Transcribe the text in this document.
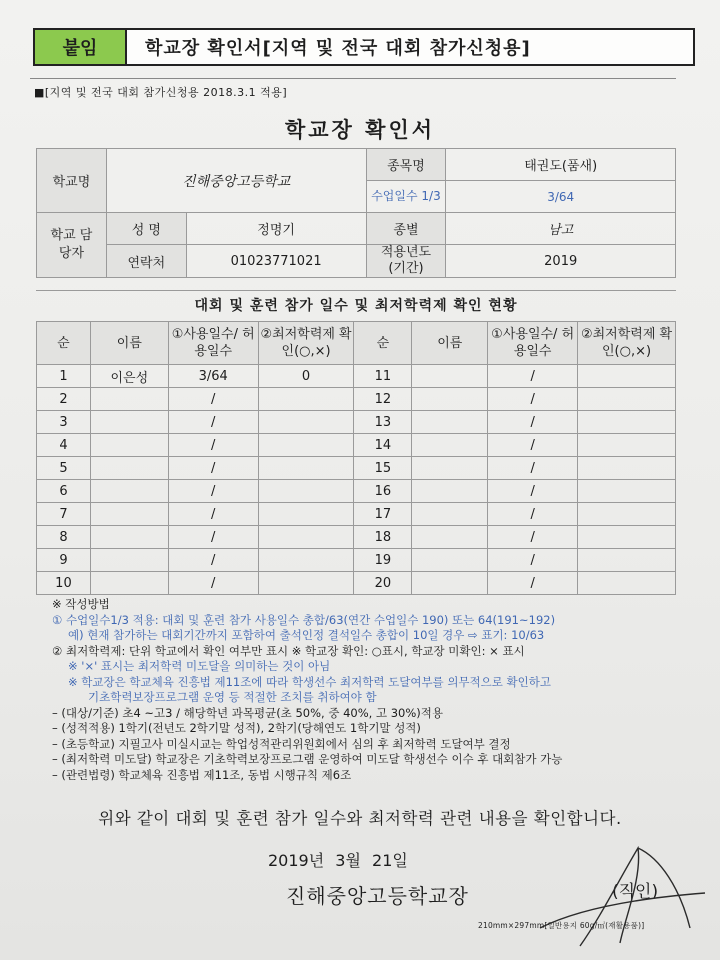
붙임	학교장 확인서[지역 및 전국 대회 참가신청용]
■[지역 및 전국 대회 참가신청용 2018.3.1 적용]
학교장 확인서
학교명	진해중앙고등학교		종목명	태권도(품새)
			수업일수 1/3	3/64
학교 담당자	성 명	정명기	종별	남고
	연락처	01023771021	적용년도 (기간)	2019
대회 및 훈련 참가 일수 및 최저학력제 확인 현황
순	이름	①사용일수/ 허용일수	②최저학력제 확인(○,×)	순	이름	①사용일수/ 허용일수	②최저학력제 확인(○,×)
1	이은성	3/64	0	11		/	
2		/		12		/	
3		/		13		/	
4		/		14		/	
5		/		15		/	
6		/		16		/	
7		/		17		/	
8		/		18		/	
9		/		19		/	
10		/		20		/	
※ 작성방법
① 수업일수1/3 적용: 대회 및 훈련 참가 사용일수 총합/63(연간 수업일수 190) 또는 64(191~192)
예) 현재 참가하는 대회기간까지 포함하여 출석인정 결석일수 총합이 10일 경우 ⇨ 표기: 10/63
② 최저학력제: 단위 학교에서 확인 여부만 표시 ※ 학교장 확인: ○표시, 학교장 미확인: × 표시
※ '×' 표시는 최저학력 미도달을 의미하는 것이 아님
※ 학교장은 학교체육 진흥법 제11조에 따라 학생선수 최저학력 도달여부를 의무적으로 확인하고
기초학력보장프로그램 운영 등 적절한 조치를 취하여야 함
– (대상/기준) 초4 ~고3 / 해당학년 과목평균(초 50%, 중 40%, 고 30%)적용
– (성적적용) 1학기(전년도 2학기말 성적), 2학기(당해연도 1학기말 성적)
– (초등학교) 지필고사 미실시교는 학업성적관리위원회에서 심의 후 최저학력 도달여부 결정
– (최저학력 미도달) 학교장은 기초학력보장프로그램 운영하여 미도달 학생선수 이수 후 대회참가 가능
– (관련법령) 학교체육 진흥법 제11조, 동법 시행규칙 제6조
위와 같이 대회 및 훈련 참가 일수와 최저학력 관련 내용을 확인합니다.
2019년 3월 21일
진해중앙고등학교장	(직인)
210mm×297mm[일반용지 60g/㎡(재활용품)]
